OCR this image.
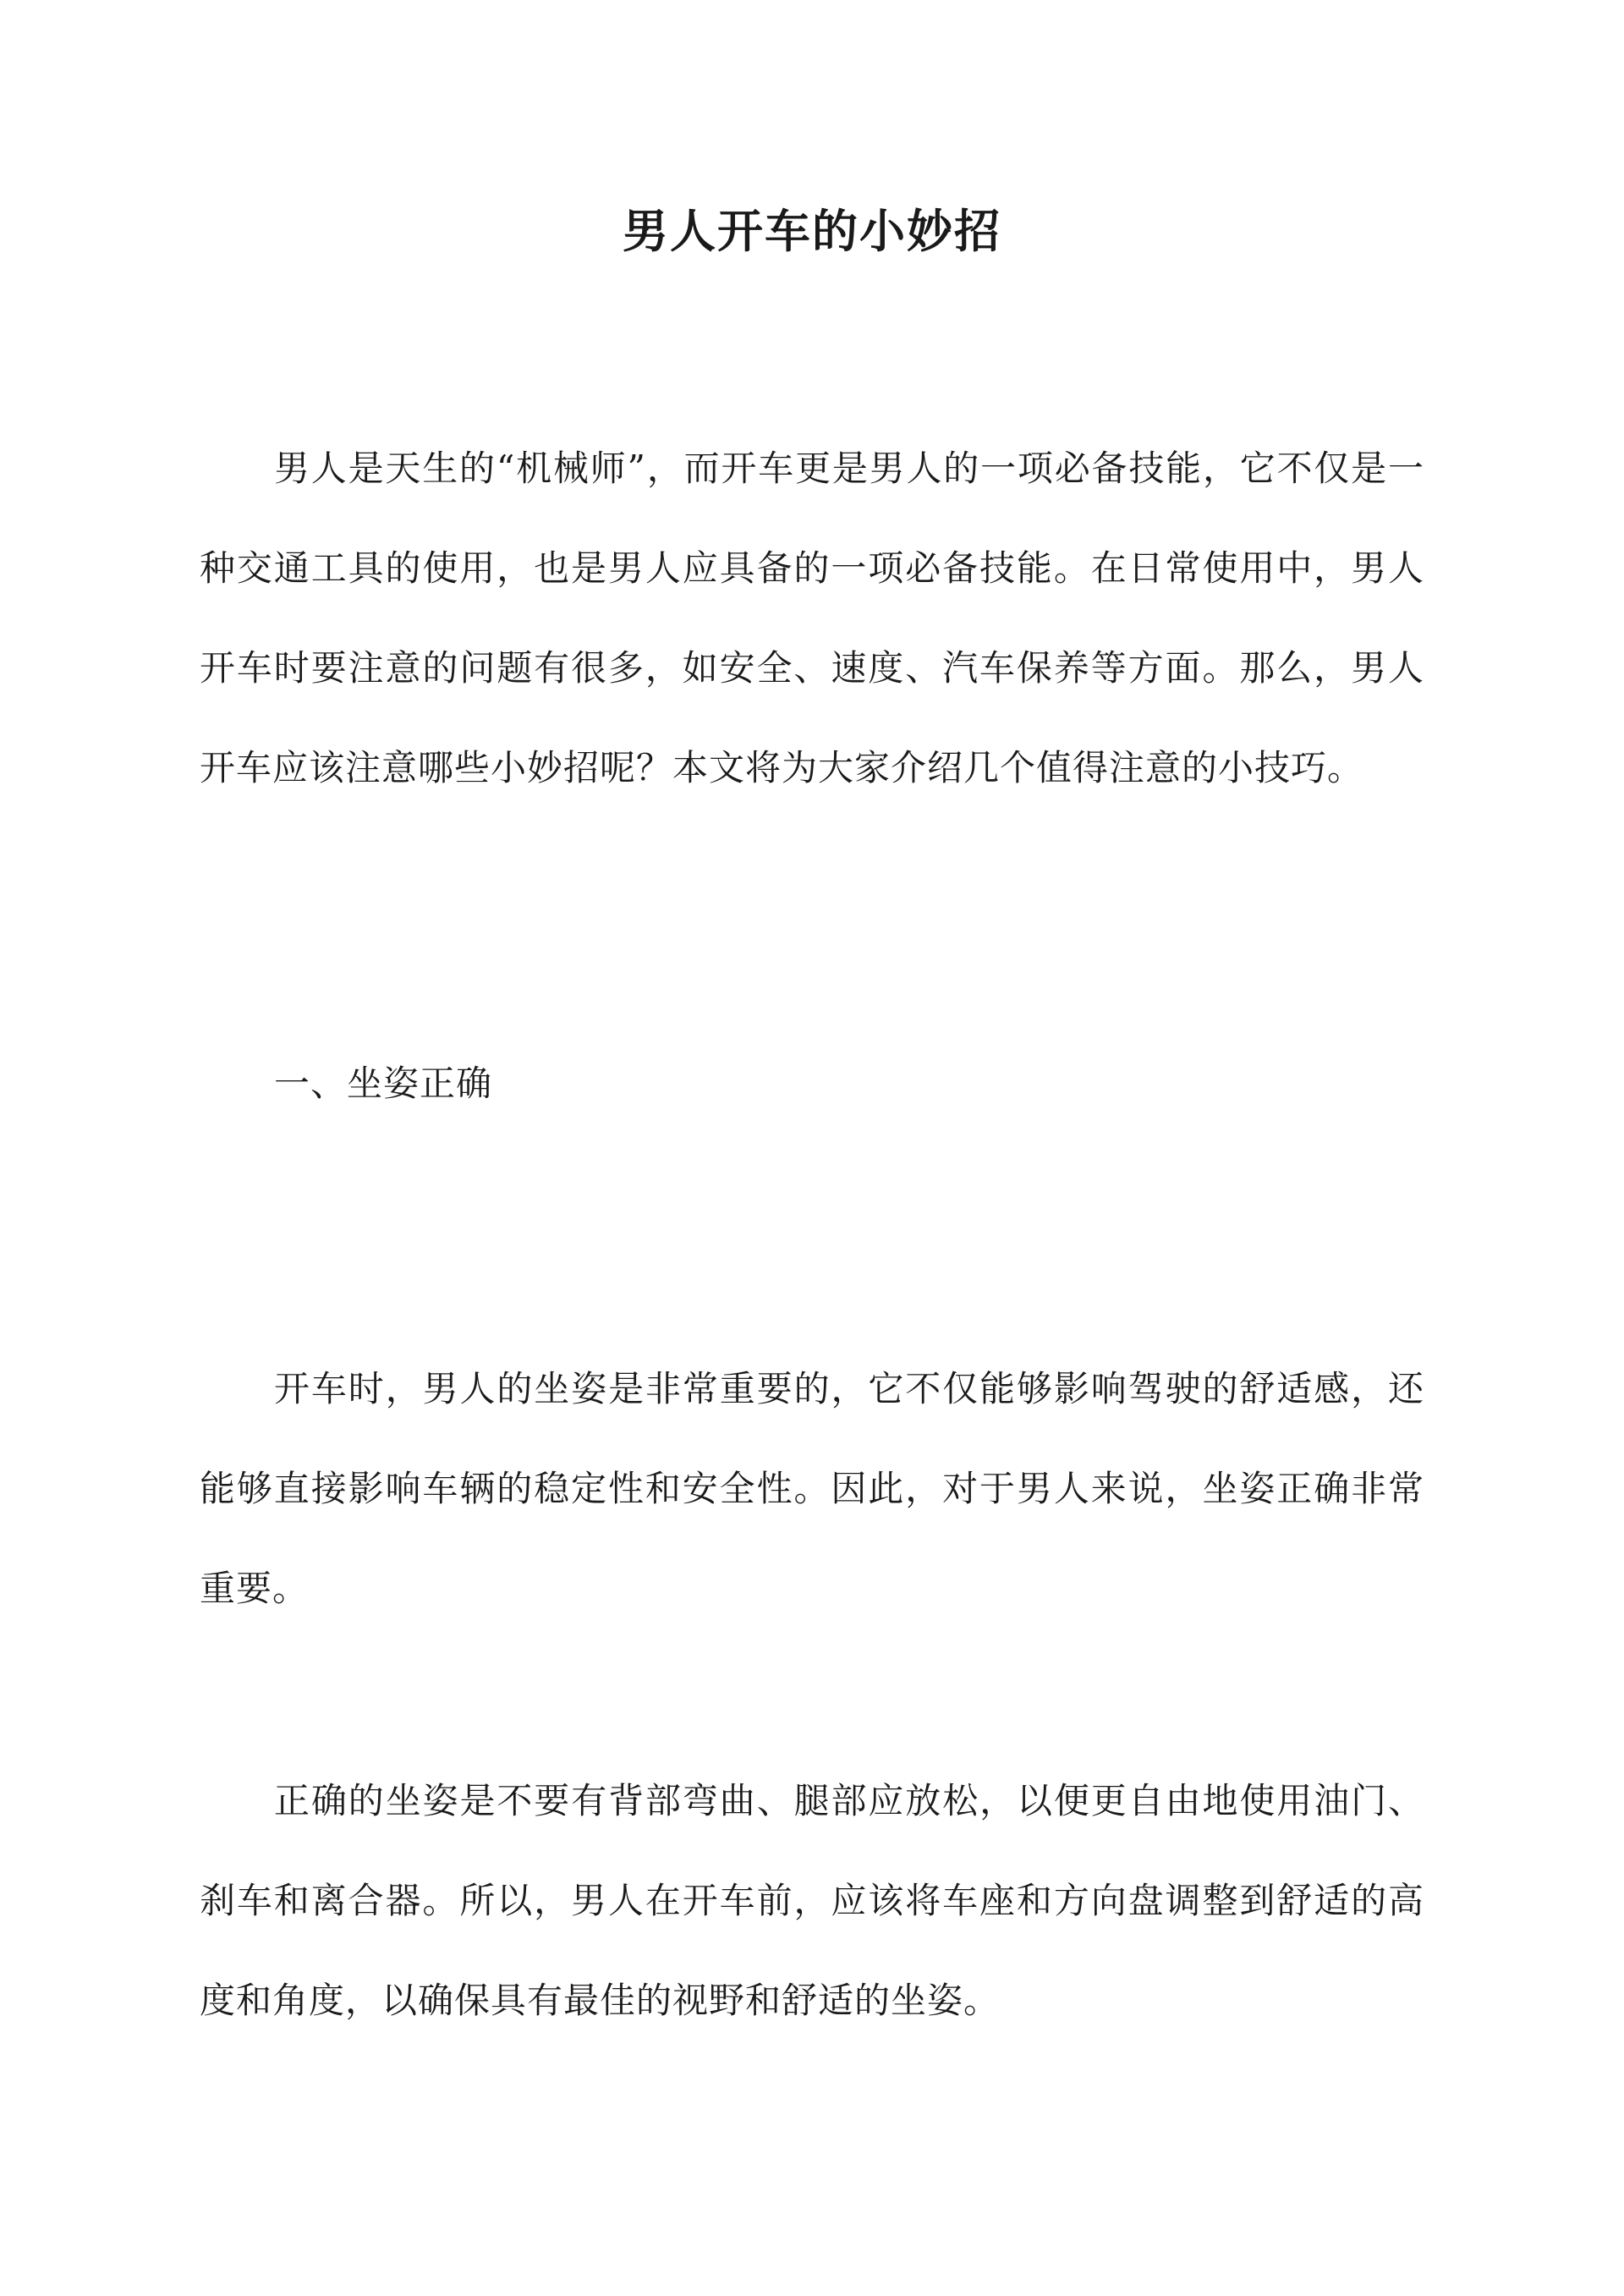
男人开车的小妙招

男人是天生的“机械师”，而开车更是男人的一项必备技能，它不仅是一种交通工具的使用，也是男人应具备的一项必备技能。在日常使用中，男人开车时要注意的问题有很多，如安全、速度、汽车保养等方面。那么，男人开车应该注意哪些小妙招呢？本文将为大家介绍几个值得注意的小技巧。

一、坐姿正确

开车时，男人的坐姿是非常重要的，它不仅能够影响驾驶的舒适感，还能够直接影响车辆的稳定性和安全性。因此，对于男人来说，坐姿正确非常重要。

正确的坐姿是不要有背部弯曲、腿部应放松，以便更自由地使用油门、刹车和离合器。所以，男人在开车前，应该将车座和方向盘调整到舒适的高度和角度，以确保具有最佳的视野和舒适的坐姿。
